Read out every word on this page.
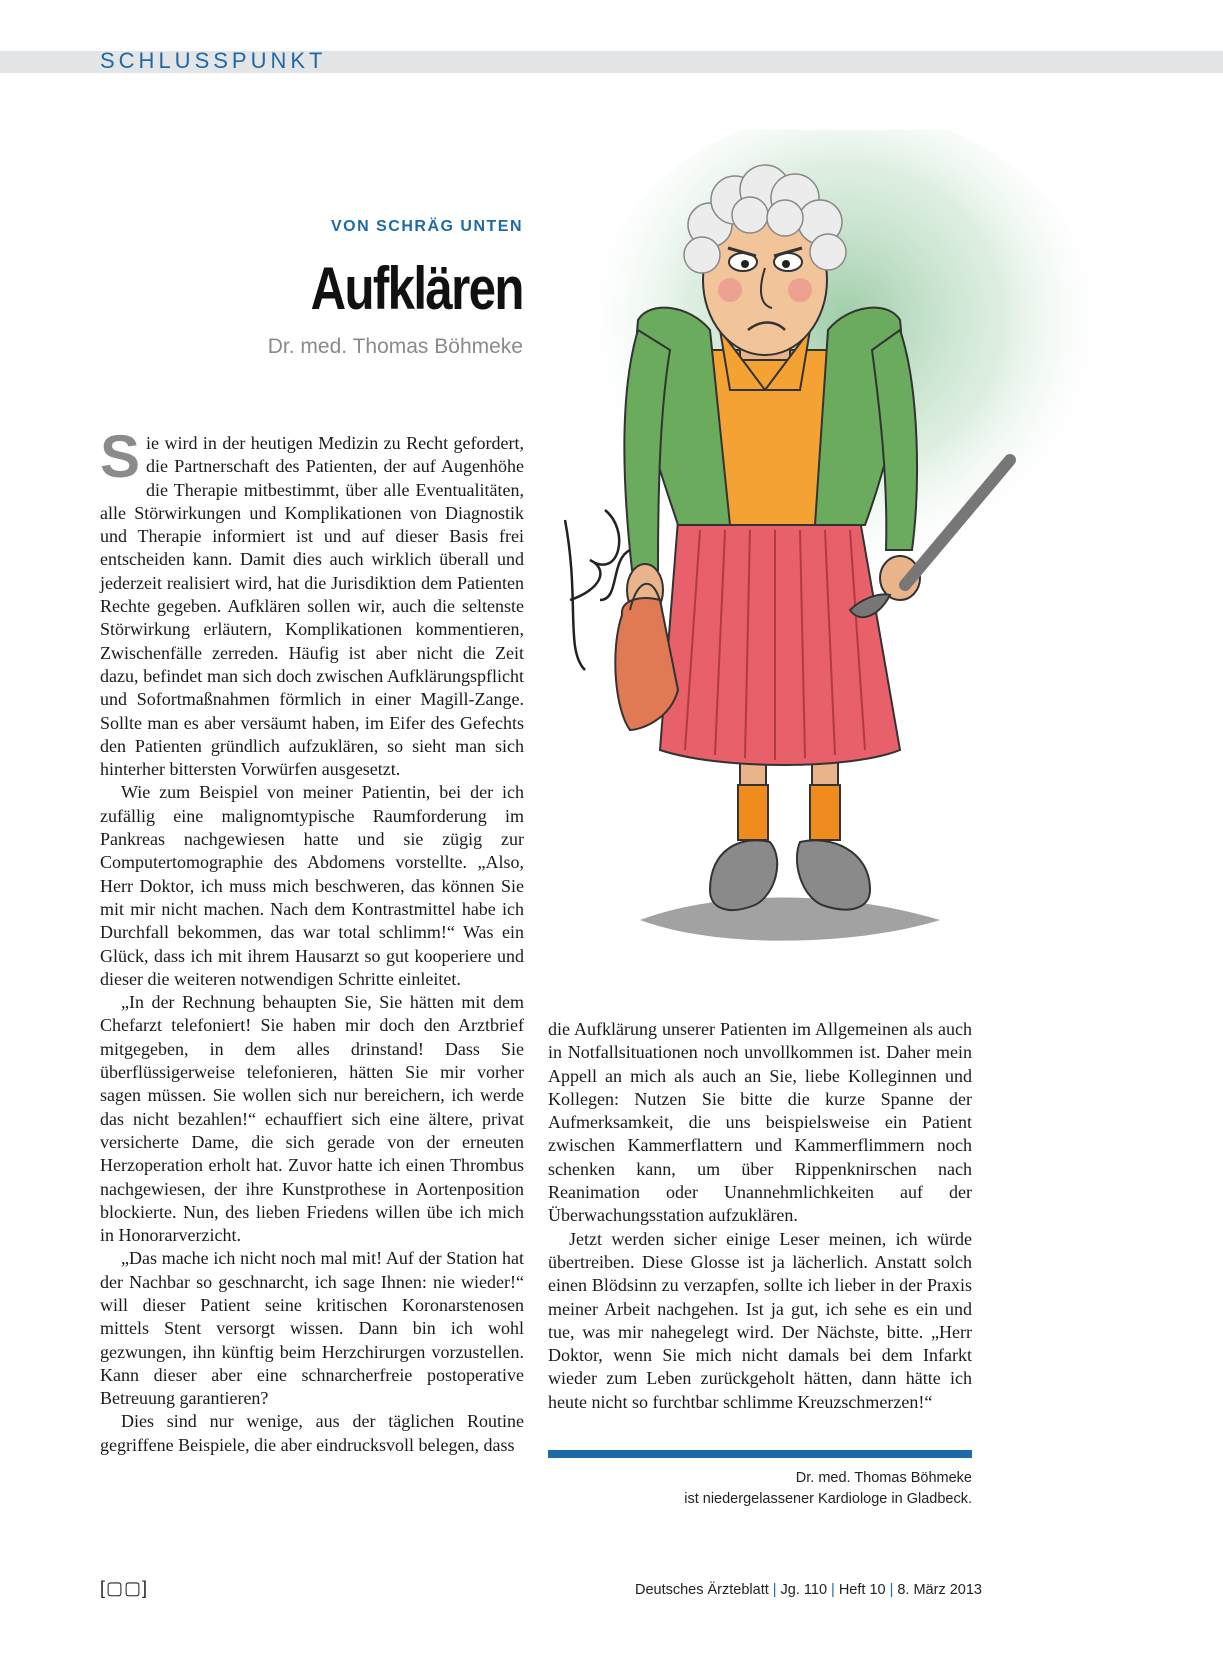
SCHLUSSPUNKT
VON SCHRÄG UNTEN
Aufklären
Dr. med. Thomas Böhmeke

Sie wird in der heutigen Medizin zu Recht gefordert, die Partnerschaft des Patienten, der auf Augenhöhe die Therapie mitbestimmt, über alle Eventualitäten, alle Störwirkungen und Komplikationen von Diagnostik und Therapie informiert ist und auf dieser Basis frei entscheiden kann. Damit dies auch wirklich überall und jederzeit realisiert wird, hat die Jurisdiktion dem Patienten Rechte gegeben. Aufklären sollen wir, auch die seltenste Störwirkung erläutern, Komplikationen kommentieren, Zwischenfälle zerreden. Häufig ist aber nicht die Zeit dazu, befindet man sich doch zwischen Aufklärungspflicht und Sofortmaßnahmen förmlich in einer Magill-Zange. Sollte man es aber versäumt haben, im Eifer des Gefechts den Patienten gründlich aufzuklären, so sieht man sich hinterher bittersten Vorwürfen ausgesetzt.

Wie zum Beispiel von meiner Patientin, bei der ich zufällig eine malignomtypische Raumforderung im Pankreas nachgewiesen hatte und sie zügig zur Computertomographie des Abdomens vorstellte. „Also, Herr Doktor, ich muss mich beschweren, das können Sie mit mir nicht machen. Nach dem Kontrastmittel habe ich Durchfall bekommen, das war total schlimm!“ Was ein Glück, dass ich mit ihrem Hausarzt so gut kooperiere und dieser die weiteren notwendigen Schritte einleitet.

„In der Rechnung behaupten Sie, Sie hätten mit dem Chefarzt telefoniert! Sie haben mir doch den Arztbrief mitgegeben, in dem alles drinstand! Dass Sie überflüssigerweise telefonieren, hätten Sie mir vorher sagen müssen. Sie wollen sich nur bereichern, ich werde das nicht bezahlen!“ echauffiert sich eine ältere, privat versicherte Dame, die sich gerade von der erneuten Herzoperation erholt hat. Zuvor hatte ich einen Thrombus nachgewiesen, der ihre Kunstprothese in Aortenposition blockierte. Nun, des lieben Friedens willen übe ich mich in Honorarverzicht.

„Das mache ich nicht noch mal mit! Auf der Station hat der Nachbar so geschnarcht, ich sage Ihnen: nie wieder!“ will dieser Patient seine kritischen Koronarstenosen mittels Stent versorgt wissen. Dann bin ich wohl gezwungen, ihn künftig beim Herzchirurgen vorzustellen. Kann dieser aber eine schnarcherfreie postoperative Betreuung garantieren?

Dies sind nur wenige, aus der täglichen Routine gegriffene Beispiele, die aber eindrucksvoll belegen, dass

die Aufklärung unserer Patienten im Allgemeinen als auch in Notfallsituationen noch unvollkommen ist. Daher mein Appell an mich als auch an Sie, liebe Kolleginnen und Kollegen: Nutzen Sie bitte die kurze Spanne der Aufmerksamkeit, die uns beispielsweise ein Patient zwischen Kammerflattern und Kammerflimmern noch schenken kann, um über Rippenknirschen nach Reanimation oder Unannehmlichkeiten auf der Überwachungsstation aufzuklären.

Jetzt werden sicher einige Leser meinen, ich würde übertreiben. Diese Glosse ist ja lächerlich. Anstatt solch einen Blödsinn zu verzapfen, sollte ich lieber in der Praxis meiner Arbeit nachgehen. Ist ja gut, ich sehe es ein und tue, was mir nahegelegt wird. Der Nächste, bitte. „Herr Doktor, wenn Sie mich nicht damals bei dem Infarkt wieder zum Leben zurückgeholt hätten, dann hätte ich heute nicht so furchtbar schlimme Kreuzschmerzen!“

Dr. med. Thomas Böhmeke
ist niedergelassener Kardiologe in Gladbeck.
[▢▢]	Deutsches Ärzteblatt | Jg. 110 | Heft 10 | 8. März 2013
